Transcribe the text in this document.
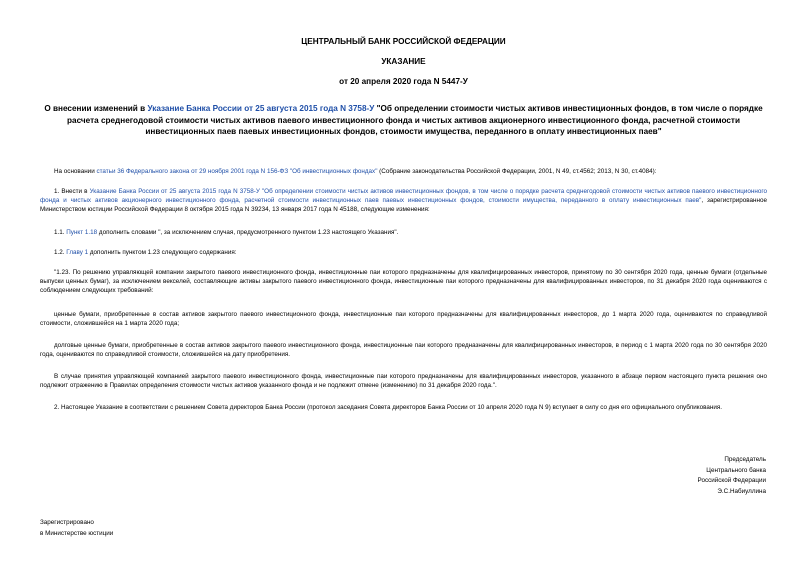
ЦЕНТРАЛЬНЫЙ БАНК РОССИЙСКОЙ ФЕДЕРАЦИИ
УКАЗАНИЕ
от 20 апреля 2020 года N 5447-У
О внесении изменений в Указание Банка России от 25 августа 2015 года N 3758-У "Об определении стоимости чистых активов инвестиционных фондов, в том числе о порядке расчета среднегодовой стоимости чистых активов паевого инвестиционного фонда и чистых активов акционерного инвестиционного фонда, расчетной стоимости инвестиционных паев паевых инвестиционных фондов, стоимости имущества, переданного в оплату инвестиционных паев"
На основании статьи 36 Федерального закона от 29 ноября 2001 года N 156-ФЗ "Об инвестиционных фондах" (Собрание законодательства Российской Федерации, 2001, N 49, ст.4562; 2013, N 30, ст.4084):
1. Внести в Указание Банка России от 25 августа 2015 года N 3758-У "Об определении стоимости чистых активов инвестиционных фондов, в том числе о порядке расчета среднегодовой стоимости чистых активов паевого инвестиционного фонда и чистых активов акционерного инвестиционного фонда, расчетной стоимости инвестиционных паев паевых инвестиционных фондов, стоимости имущества, переданного в оплату инвестиционных паев", зарегистрированное Министерством юстиции Российской Федерации 8 октября 2015 года N 39234, 13 января 2017 года N 45188, следующие изменения:
1.1. Пункт 1.18 дополнить словами ", за исключением случая, предусмотренного пунктом 1.23 настоящего Указания".
1.2. Главу 1 дополнить пунктом 1.23 следующего содержания:
"1.23. По решению управляющей компании закрытого паевого инвестиционного фонда, инвестиционные паи которого предназначены для квалифицированных инвесторов, принятому по 30 сентября 2020 года, ценные бумаги (отдельные выпуски ценных бумаг), за исключением векселей, составляющие активы закрытого паевого инвестиционного фонда, инвестиционные паи которого предназначены для квалифицированных инвесторов, по 31 декабря 2020 года оцениваются с соблюдением следующих требований:
ценные бумаги, приобретенные в состав активов закрытого паевого инвестиционного фонда, инвестиционные паи которого предназначены для квалифицированных инвесторов, до 1 марта 2020 года, оцениваются по справедливой стоимости, сложившейся на 1 марта 2020 года;
долговые ценные бумаги, приобретенные в состав активов закрытого паевого инвестиционного фонда, инвестиционные паи которого предназначены для квалифицированных инвесторов, в период с 1 марта 2020 года по 30 сентября 2020 года, оцениваются по справедливой стоимости, сложившейся на дату приобретения.
В случае принятия управляющей компанией закрытого паевого инвестиционного фонда, инвестиционные паи которого предназначены для квалифицированных инвесторов, указанного в абзаце первом настоящего пункта решения оно подлежит отражению в Правилах определения стоимости чистых активов указанного фонда и не подлежит отмене (изменению) по 31 декабря 2020 года.".
2. Настоящее Указание в соответствии с решением Совета директоров Банка России (протокол заседания Совета директоров Банка России от 10 апреля 2020 года N 9) вступает в силу со дня его официального опубликования.
Председатель
Центрального банка
Российской Федерации
Э.С.Набиуллина
Зарегистрировано
в Министерстве юстиции
